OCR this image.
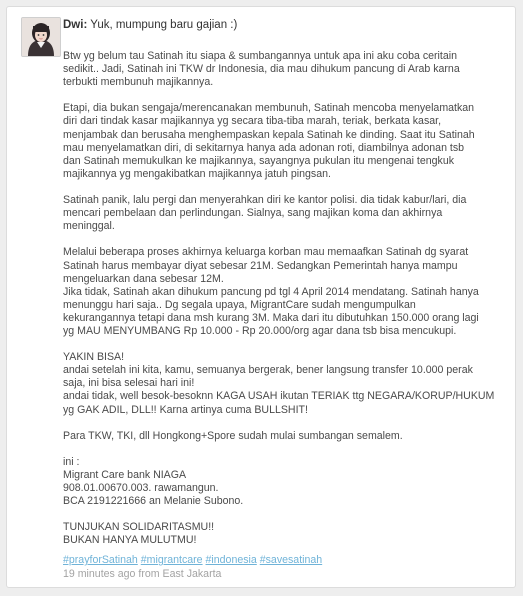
Dwi: Yuk, mumpung baru gajian :)

Btw yg belum tau Satinah itu siapa & sumbangannya untuk apa ini aku coba ceritain
sedikit.. Jadi, Satinah ini TKW dr Indonesia, dia mau dihukum pancung di Arab karna
terbukti membunuh majikannya.

Etapi, dia bukan sengaja/merencanakan membunuh, Satinah mencoba menyelamatkan
diri dari tindak kasar majikannya yg secara tiba-tiba marah, teriak, berkata kasar,
menjambak dan berusaha menghempaskan kepala Satinah ke dinding. Saat itu Satinah
mau menyelamatkan diri, di sekitarnya hanya ada adonan roti, diambilnya adonan tsb
dan Satinah memukulkan ke majikannya, sayangnya pukulan itu mengenai tengkuk
majikannya yg mengakibatkan majikannya jatuh pingsan.

Satinah panik, lalu pergi dan menyerahkan diri ke kantor polisi. dia tidak kabur/lari, dia
mencari pembelaan dan perlindungan. Sialnya, sang majikan koma dan akhirnya
meninggal.

Melalui beberapa proses akhirnya keluarga korban mau memaafkan Satinah dg syarat
Satinah harus membayar diyat sebesar 21M. Sedangkan Pemerintah hanya mampu
mengeluarkan dana sebesar 12M.
Jika tidak, Satinah akan dihukum pancung pd tgl 4 April 2014 mendatang. Satinah hanya
menunggu hari saja.. Dg segala upaya, MigrantCare sudah mengumpulkan
kekurangannya tetapi dana msh kurang 3M. Maka dari itu dibutuhkan 150.000 orang lagi
yg MAU MENYUMBANG Rp 10.000 - Rp 20.000/org agar dana tsb bisa mencukupi.

YAKIN BISA!
andai setelah ini kita, kamu, semuanya bergerak, bener langsung transfer 10.000 perak
saja, ini bisa selesai hari ini!
andai tidak, well besok-besoknn KAGA USAH ikutan TERIAK ttg NEGARA/KORUP/HUKUM
yg GAK ADIL, DLL!! Karna artinya cuma BULLSHIT!

Para TKW, TKI, dll Hongkong+Spore sudah mulai sumbangan semalem.

ini :
Migrant Care bank NIAGA
908.01.00670.003. rawamangun.
BCA 2191221666 an Melanie Subono.

TUNJUKAN SOLIDARITASMU!!
BUKAN HANYA MULUTMU!

#prayforSatinah #migrantcare #indonesia #savesatinah
19 minutes ago from East Jakarta
